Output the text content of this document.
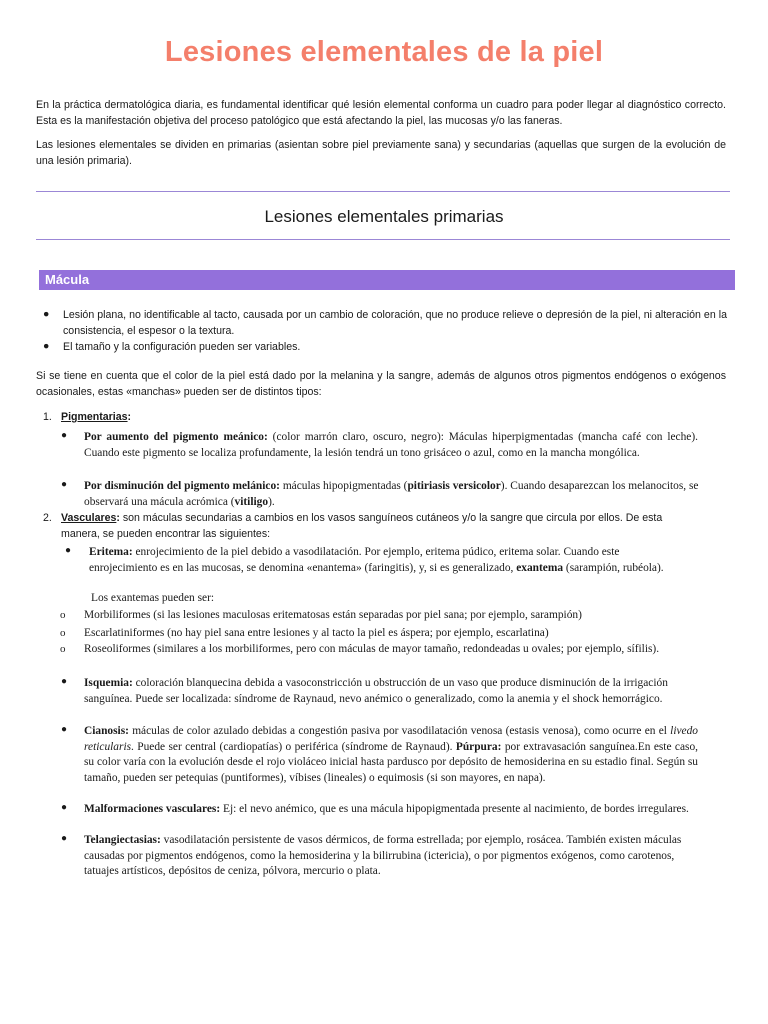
Lesiones elementales de la piel
En la práctica dermatológica diaria, es fundamental identificar qué lesión elemental conforma un cuadro para poder llegar al diagnóstico correcto. Esta es la manifestación objetiva del proceso patológico que está afectando la piel, las mucosas y/o las faneras.
Las lesiones elementales se dividen en primarias (asientan sobre piel previamente sana) y secundarias (aquellas que surgen de la evolución de una lesión primaria).
Lesiones elementales primarias
Mácula
● Lesión plana, no identificable al tacto, causada por un cambio de coloración, que no produce relieve o depresión de la piel, ni alteración en la consistencia, el espesor o la textura.
● El tamaño y la configuración pueden ser variables.
Si se tiene en cuenta que el color de la piel está dado por la melanina y la sangre, además de algunos otros pigmentos endógenos o exógenos ocasionales, estas «manchas» pueden ser de distintos tipos:
1. Pigmentarias:
● Por aumento del pigmento meánico: (color marrón claro, oscuro, negro): Máculas hiperpigmentadas (mancha café con leche). Cuando este pigmento se localiza profundamente, la lesión tendrá un tono grisáceo o azul, como en la mancha mongólica.
● Por disminución del pigmento melánico: máculas hipopigmentadas (pitiriasis versicolor). Cuando desaparezcan los melanocitos, se observará una mácula acrómica (vitiligo).
2. Vasculares: son máculas secundarias a cambios en los vasos sanguíneos cutáneos y/o la sangre que circula por ellos. De esta manera, se pueden encontrar las siguientes:
● Eritema: enrojecimiento de la piel debido a vasodilatación. Por ejemplo, eritema púdico, eritema solar. Cuando este enrojecimiento es en las mucosas, se denomina «enantema» (faringitis), y, si es generalizado, exantema (sarampión, rubéola).
Los exantemas pueden ser:
o Morbiliformes (si las lesiones maculosas eritematosas están separadas por piel sana; por ejemplo, sarampión)
o Escarlatiniformes (no hay piel sana entre lesiones y al tacto la piel es áspera; por ejemplo, escarlatina)
o Roseoliformes (similares a los morbiliformes, pero con máculas de mayor tamaño, redondeadas u ovales; por ejemplo, sífilis).
● Isquemia: coloración blanquecina debida a vasoconstricción u obstrucción de un vaso que produce disminución de la irrigación sanguínea. Puede ser localizada: síndrome de Raynaud, nevo anémico o generalizado, como la anemia y el shock hemorrágico.
● Cianosis: máculas de color azulado debidas a congestión pasiva por vasodilatación venosa (estasis venosa), como ocurre en el livedo reticularis. Puede ser central (cardiopatías) o periférica (síndrome de Raynaud). Púrpura: por extravasación sanguínea.En este caso, su color varía con la evolución desde el rojo violáceo inicial hasta pardusco por depósito de hemosiderina en su estadio final. Según su tamaño, pueden ser petequias (puntiformes), víbises (lineales) o equimosis (si son mayores, en napa).
● Malformaciones vasculares: Ej: el nevo anémico, que es una mácula hipopigmentada presente al nacimiento, de bordes irregulares.
● Telangiectasias: vasodilatación persistente de vasos dérmicos, de forma estrellada; por ejemplo, rosácea. También existen máculas causadas por pigmentos endógenos, como la hemosiderina y la bilirrubina (ictericia), o por pigmentos exógenos, como carotenos, tatuajes artísticos, depósitos de ceniza, pólvora, mercurio o plata.
